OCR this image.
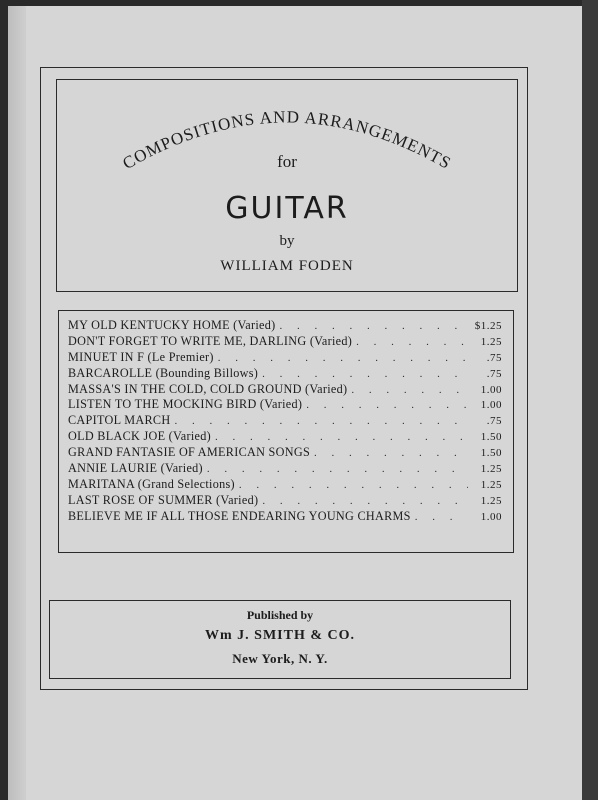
COMPOSITIONS AND ARRANGEMENTS
for
GUITAR
by
WILLIAM FODEN
MY OLD KENTUCKY HOME (Varied) . . .	$1.25
DON'T FORGET TO WRITE ME, DARLING (Varied) . . .	1.25
MINUET IN F (Le Premier) . . .	.75
BARCAROLLE (Bounding Billows) . . .	.75
MASSA'S IN THE COLD, COLD GROUND (Varied) . . .	1.00
LISTEN TO THE MOCKING BIRD (Varied) . . .	1.00
CAPITOL MARCH . . .	.75
OLD BLACK JOE (Varied) . . .	1.50
GRAND FANTASIE OF AMERICAN SONGS . . .	1.50
ANNIE LAURIE (Varied) . . .	1.25
MARITANA (Grand Selections) . . .	1.25
LAST ROSE OF SUMMER (Varied) . . .	1.25
BELIEVE ME IF ALL THOSE ENDEARING YOUNG CHARMS . . .	1.00
Published by
Wm J. SMITH & CO.
New York, N. Y.
